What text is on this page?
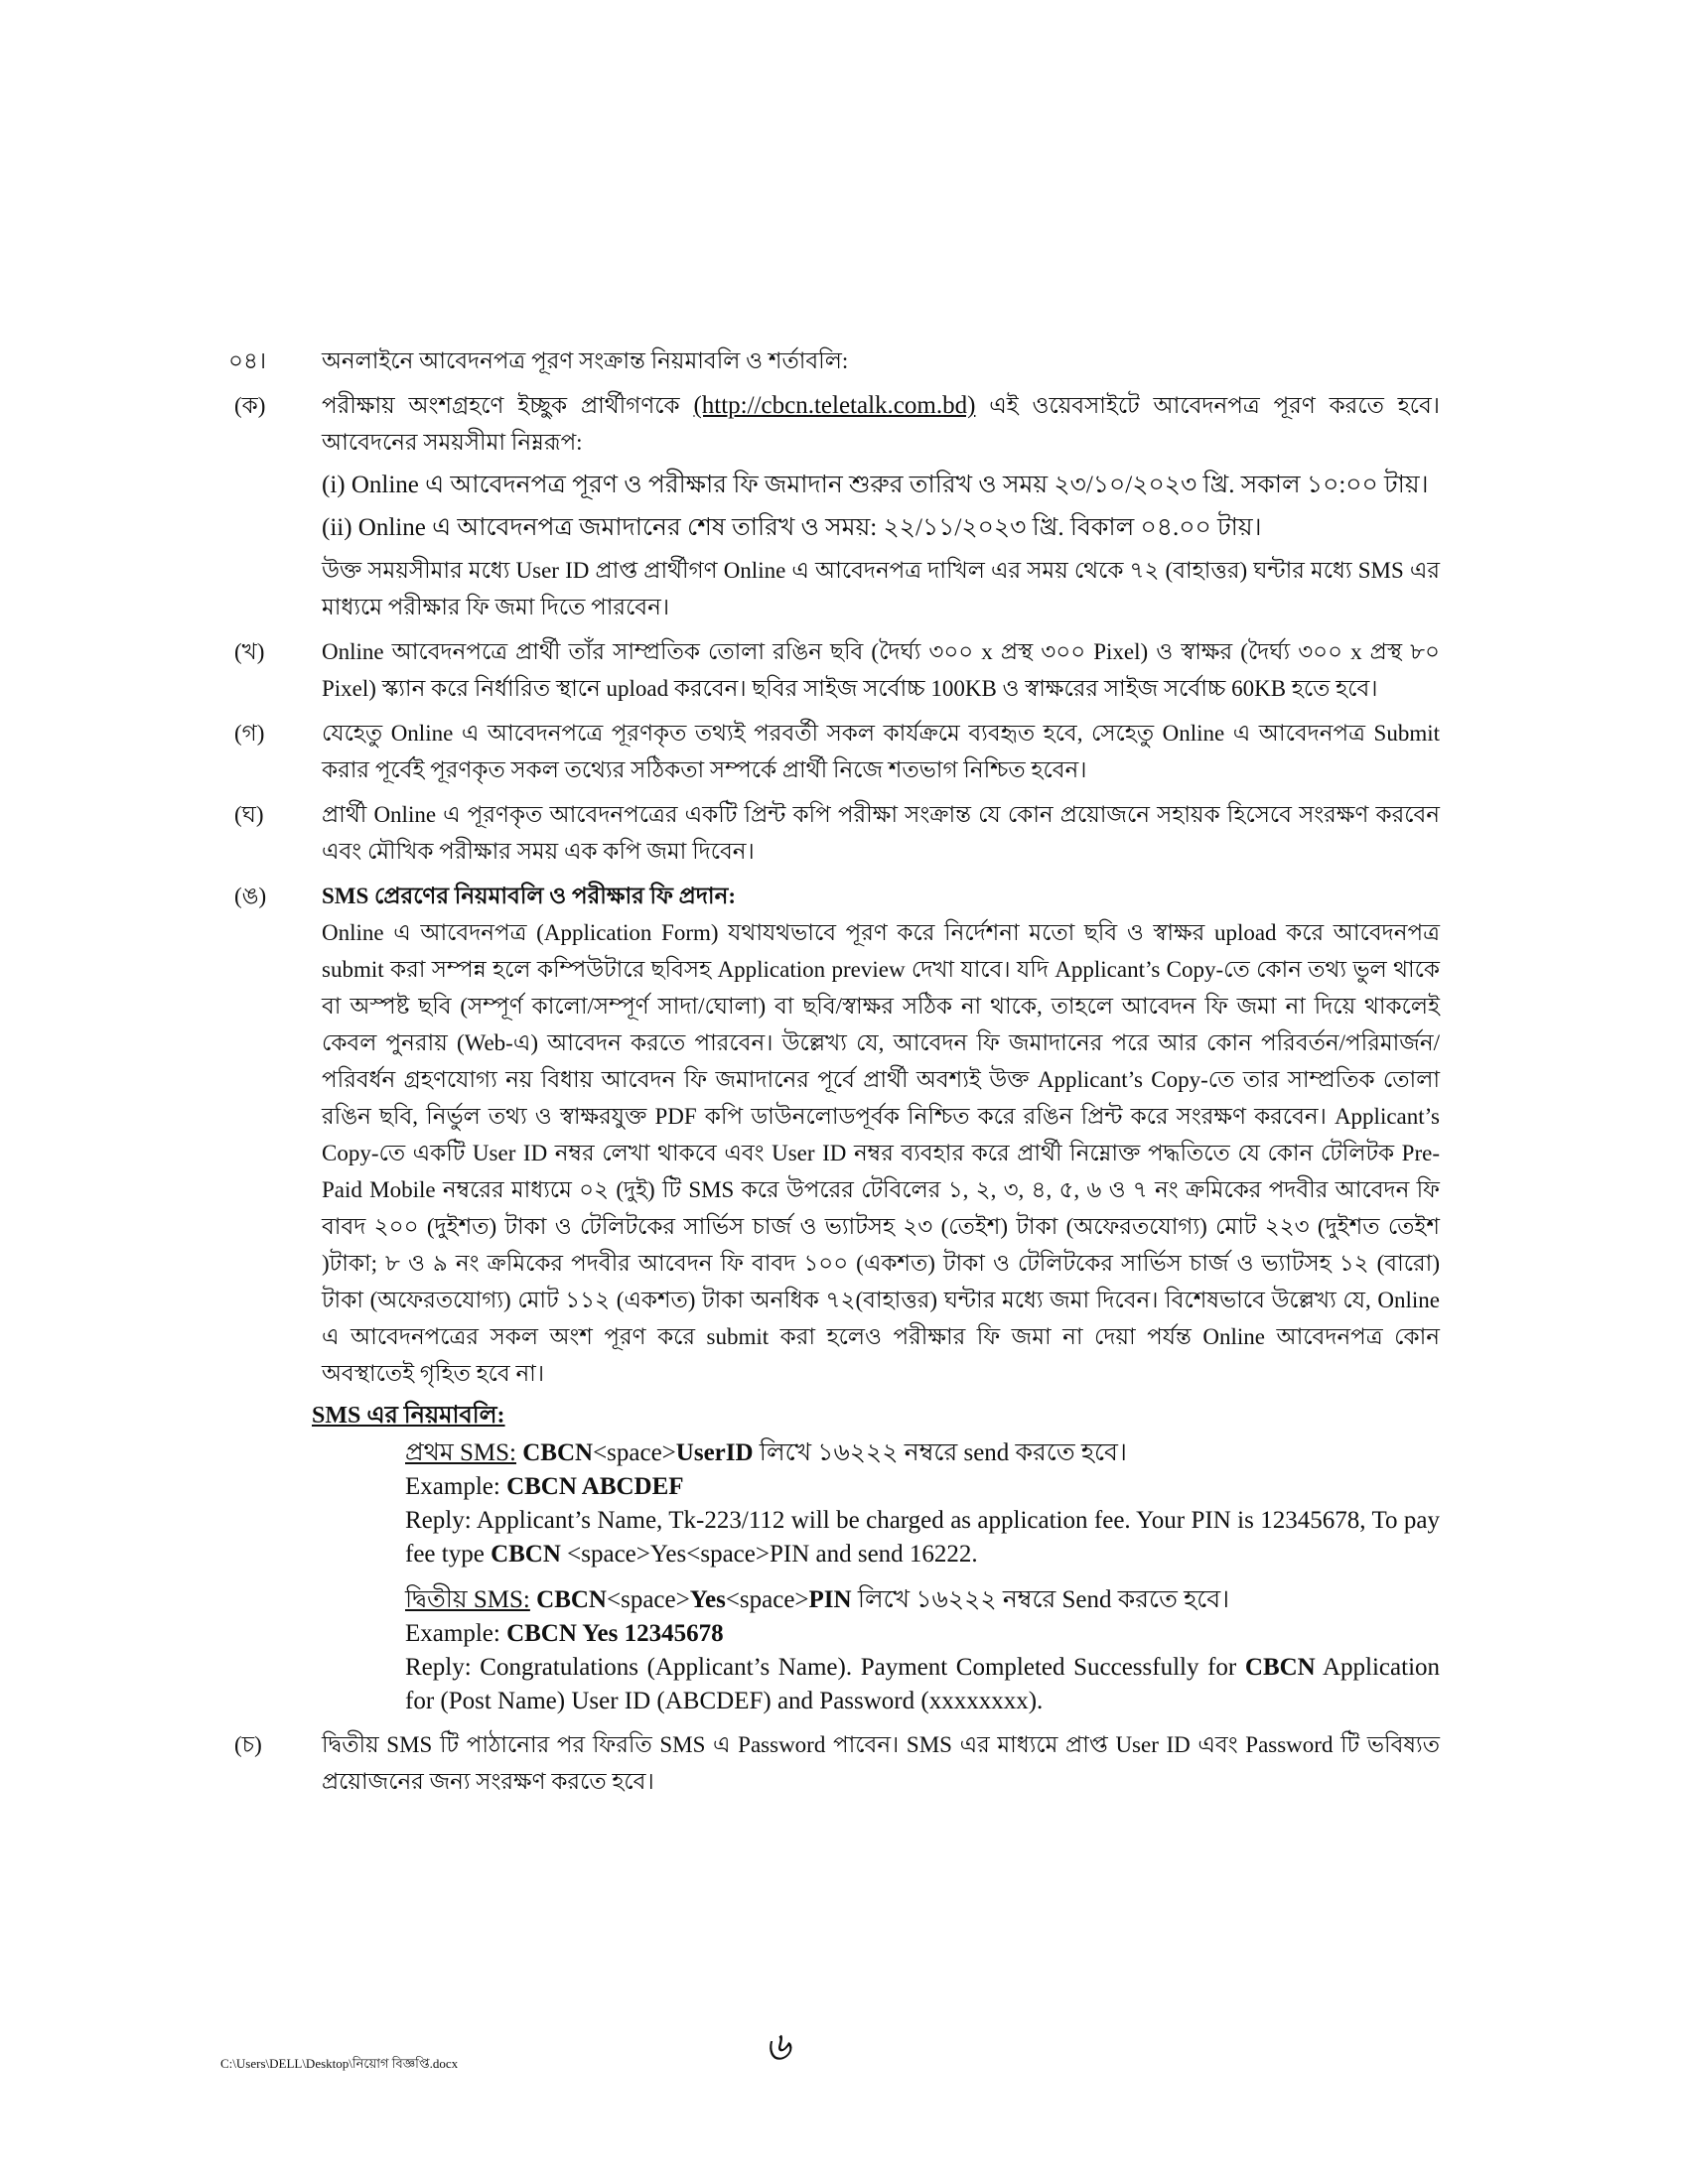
০৪।	অনলাইনে আবেদনপত্র পূরণ সংক্রান্ত নিয়মাবলি ও শর্তাবলি:
(ক)	পরীক্ষায় অংশগ্রহণে ইচ্ছুক প্রার্থীগণকে (http://cbcn.teletalk.com.bd) এই ওয়েবসাইটে আবেদনপত্র পূরণ করতে হবে। আবেদনের সময়সীমা নিম্নরূপ:

(i) Online এ আবেদনপত্র পূরণ ও পরীক্ষার ফি জমাদান শুরুর তারিখ ও সময় ২৩/১০/২০২৩ খ্রি. সকাল ১০:০০ টায়।

(ii) Online এ আবেদনপত্র জমাদানের শেষ তারিখ ও সময়: ২২/১১/২০২৩ খ্রি. বিকাল ০৪.০০ টায়।

উক্ত সময়সীমার মধ্যে User ID প্রাপ্ত প্রার্থীগণ Online এ আবেদনপত্র দাখিল এর সময় থেকে ৭২ (বাহাত্তর) ঘন্টার মধ্যে SMS এর মাধ্যমে পরীক্ষার ফি জমা দিতে পারবেন।

(খ)	Online আবেদনপত্রে প্রার্থী তাঁর সাম্প্রতিক তোলা রঙিন ছবি (দৈর্ঘ্য ৩০০ x প্রস্থ ৩০০ Pixel) ও স্বাক্ষর (দৈর্ঘ্য ৩০০ x প্রস্থ ৮০ Pixel) স্ক্যান করে নির্ধারিত স্থানে upload করবেন। ছবির সাইজ সর্বোচ্চ 100KB ও স্বাক্ষরের সাইজ সর্বোচ্চ 60KB হতে হবে।

(গ)	যেহেতু Online এ আবেদনপত্রে পূরণকৃত তথ্যই পরবর্তী সকল কার্যক্রমে ব্যবহৃত হবে, সেহেতু Online এ আবেদনপত্র Submit করার পূর্বেই পূরণকৃত সকল তথ্যের সঠিকতা সম্পর্কে প্রার্থী নিজে শতভাগ নিশ্চিত হবেন।

(ঘ)	প্রার্থী Online এ পূরণকৃত আবেদনপত্রের একটি প্রিন্ট কপি পরীক্ষা সংক্রান্ত যে কোন প্রয়োজনে সহায়ক হিসেবে সংরক্ষণ করবেন এবং মৌখিক পরীক্ষার সময় এক কপি জমা দিবেন।

(ঙ)	SMS প্রেরণের নিয়মাবলি ও পরীক্ষার ফি প্রদান:

Online এ আবেদনপত্র (Application Form) যথাযথভাবে পূরণ করে নির্দেশনা মতো ছবি ও স্বাক্ষর upload করে আবেদনপত্র submit করা সম্পন্ন হলে কম্পিউটারে ছবিসহ Application preview দেখা যাবে। যদি Applicant’s Copy-তে কোন তথ্য ভুল থাকে বা অস্পষ্ট ছবি (সম্পূর্ণ কালো/সম্পূর্ণ সাদা/ঘোলা) বা ছবি/স্বাক্ষর সঠিক না থাকে, তাহলে আবেদন ফি জমা না দিয়ে থাকলেই কেবল পুনরায় (Web-এ) আবেদন করতে পারবেন। উল্লেখ্য যে, আবেদন ফি জমাদানের পরে আর কোন পরিবর্তন/পরিমার্জন/পরিবর্ধন গ্রহণযোগ্য নয় বিধায় আবেদন ফি জমাদানের পূর্বে প্রার্থী অবশ্যই উক্ত Applicant’s Copy-তে তার সাম্প্রতিক তোলা রঙিন ছবি, নির্ভুল তথ্য ও স্বাক্ষরযুক্ত PDF কপি ডাউনলোডপূর্বক নিশ্চিত করে রঙিন প্রিন্ট করে সংরক্ষণ করবেন। Applicant’s Copy-তে একটি User ID নম্বর লেখা থাকবে এবং User ID নম্বর ব্যবহার করে প্রার্থী নিম্নোক্ত পদ্ধতিতে যে কোন টেলিটক Pre-Paid Mobile নম্বরের মাধ্যমে ০২ (দুই) টি SMS করে উপরের টেবিলের ১, ২, ৩, ৪, ৫, ৬ ও ৭ নং ক্রমিকের পদবীর আবেদন ফি বাবদ ২০০ (দুইশত) টাকা ও টেলিটকের সার্ভিস চার্জ ও ভ্যাটসহ ২৩ (তেইশ) টাকা (অফেরতযোগ্য) মোট ২২৩ (দুইশত তেইশ )টাকা; ৮ ও ৯ নং ক্রমিকের পদবীর আবেদন ফি বাবদ ১০০ (একশত) টাকা ও টেলিটকের সার্ভিস চার্জ ও ভ্যাটসহ ১২ (বারো) টাকা (অফেরতযোগ্য) মোট ১১২ (একশত) টাকা অনধিক ৭২(বাহাত্তর) ঘন্টার মধ্যে জমা দিবেন। বিশেষভাবে উল্লেখ্য যে, Online এ আবেদনপত্রের সকল অংশ পূরণ করে submit করা হলেও পরীক্ষার ফি জমা না দেয়া পর্যন্ত Online আবেদনপত্র কোন অবস্থাতেই গৃহিত হবে না।

SMS এর নিয়মাবলি:

প্রথম SMS: CBCN<space>UserID লিখে ১৬২২২ নম্বরে send করতে হবে।

Example: CBCN ABCDEF

Reply: Applicant’s Name, Tk-223/112 will be charged as application fee. Your PIN is 12345678, To pay fee type CBCN <space>Yes<space>PIN and send 16222.

দ্বিতীয় SMS: CBCN<space>Yes<space>PIN লিখে ১৬২২২ নম্বরে Send করতে হবে।

Example: CBCN Yes 12345678

Reply: Congratulations (Applicant’s Name). Payment Completed Successfully for CBCN Application for (Post Name) User ID (ABCDEF) and Password (xxxxxxxx).

(চ)	দ্বিতীয় SMS টি পাঠানোর পর ফিরতি SMS এ Password পাবেন। SMS এর মাধ্যমে প্রাপ্ত User ID এবং Password টি ভবিষ্যত প্রয়োজনের জন্য সংরক্ষণ করতে হবে।

৬
C:\Users\DELL\Desktop\নিয়োগ বিজ্ঞপ্তি.docx
